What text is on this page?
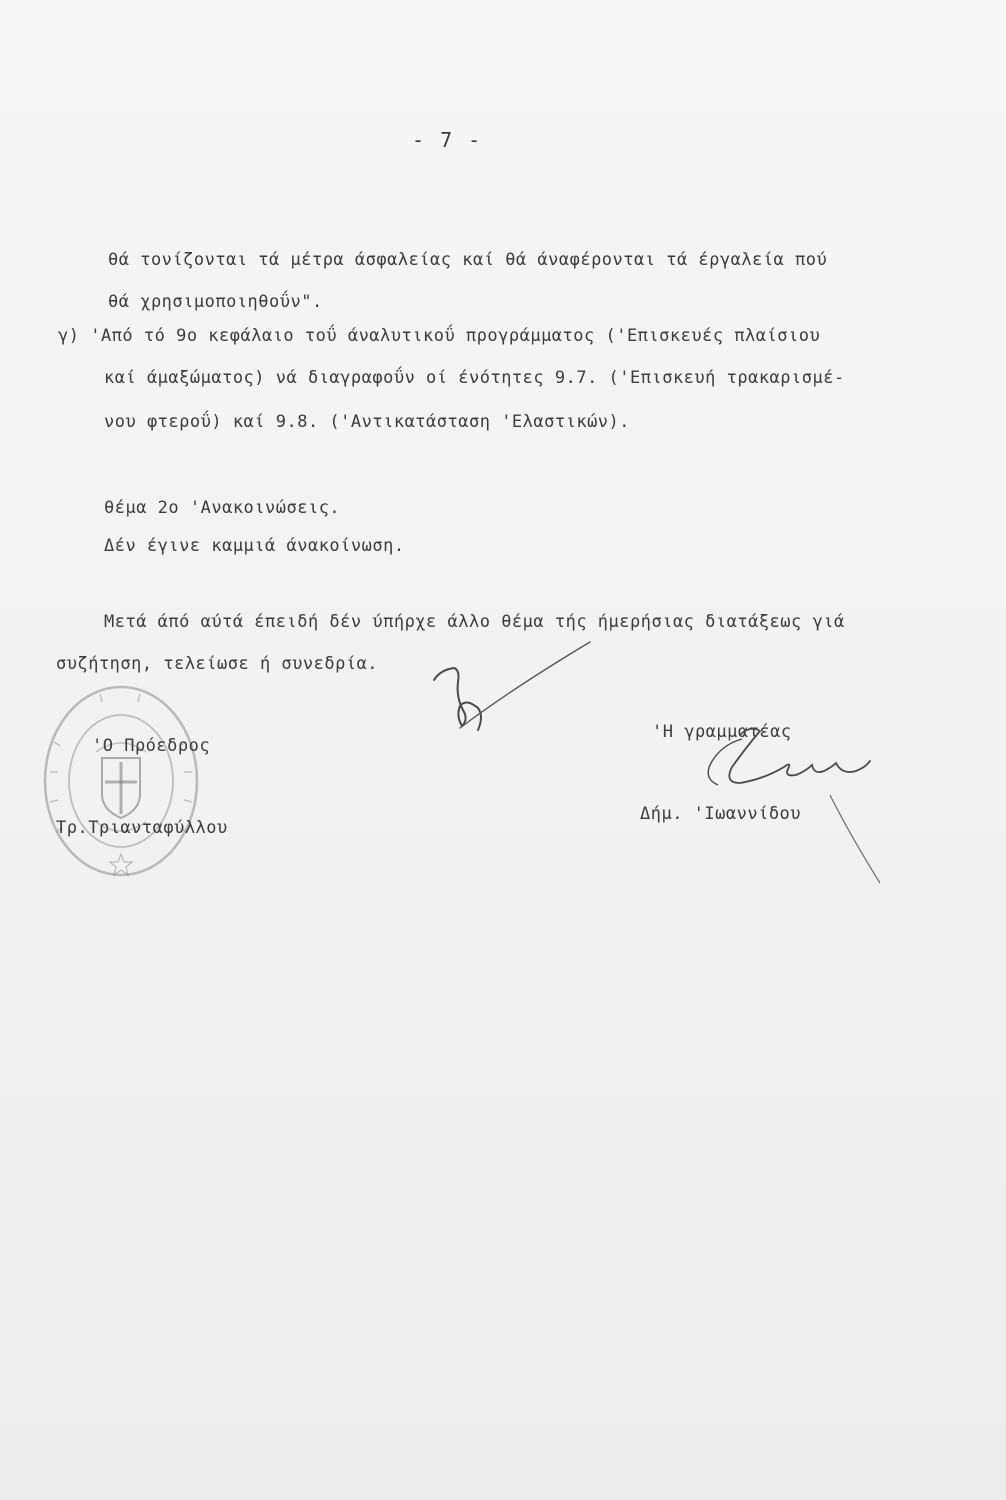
- 7 -
θά τονίζονται τά μέτρα άσφαλείας καί θά άναφέρονται τά έργαλεία πού
θά χρησιμοποιηθοΰν".
γ) 'Από τό 9ο κεφάλαιο τοΰ άναλυτικοΰ προγράμματος ('Επισκευές πλαίσιου
καί άμαξώματος) νά διαγραφοΰν οί ένότητες 9.7. ('Επισκευή τρακαρισμέ-
νου φτεροΰ) καί 9.8. ('Αντικατάσταση 'Ελαστικών).
θέμα 2ο 'Ανακοινώσεις.
Δέν έγινε καμμιά άνακοίνωση.
Μετά άπό αύτά έπειδή δέν ύπήρχε άλλο θέμα τής ήμερήσιας διατάξεως γιά
συζήτηση, τελείωσε ή συνεδρία.
'Ο Πρόεδρος
Τρ.Τριανταφύλλου
'Η γραμματέας
Δήμ. 'Ιωαννίδου
